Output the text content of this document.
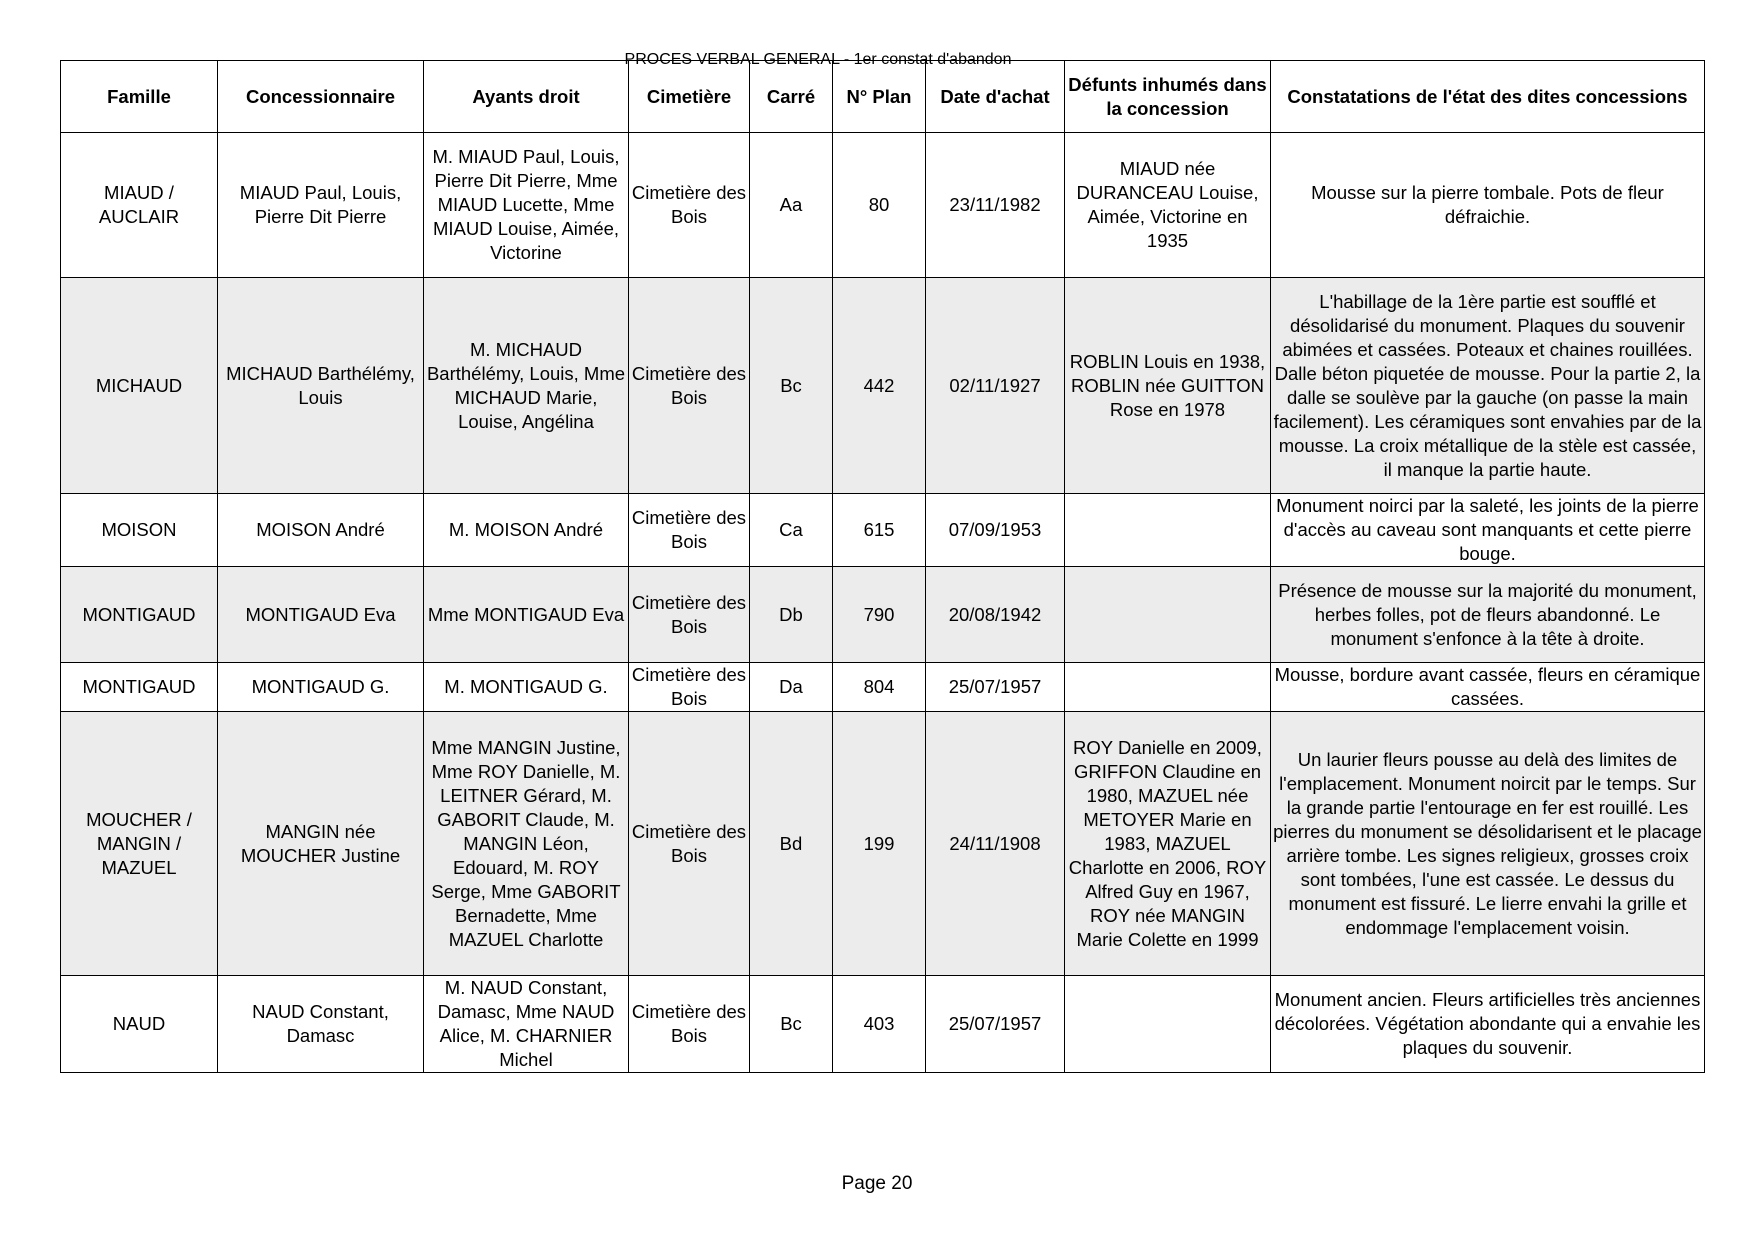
PROCES VERBAL GENERAL - 1er constat d'abandon
Famille	Concessionnaire	Ayants droit	Cimetière	Carré	N° Plan	Date d'achat	Défunts inhumés dans la concession	Constatations de l'état des dites concessions
MIAUD / AUCLAIR	MIAUD Paul, Louis, Pierre Dit Pierre	M. MIAUD Paul, Louis, Pierre Dit Pierre, Mme MIAUD Lucette, Mme MIAUD Louise, Aimée, Victorine	Cimetière des Bois	Aa	80	23/11/1982	MIAUD née DURANCEAU Louise, Aimée, Victorine en 1935	Mousse sur la pierre tombale. Pots de fleur défraichie.
MICHAUD	MICHAUD Barthélémy, Louis	M. MICHAUD Barthélémy, Louis, Mme MICHAUD Marie, Louise, Angélina	Cimetière des Bois	Bc	442	02/11/1927	ROBLIN Louis en 1938, ROBLIN née GUITTON Rose en 1978	L'habillage de la 1ère partie est soufflé et désolidarisé du monument. Plaques du souvenir abimées et cassées. Poteaux et chaines rouillées. Dalle béton piquetée de mousse. Pour la partie 2, la dalle se soulève par la gauche (on passe la main facilement). Les céramiques sont envahies par de la mousse. La croix métallique de la stèle est cassée, il manque la partie haute.
MOISON	MOISON André	M. MOISON André	Cimetière des Bois	Ca	615	07/09/1953		Monument noirci par la saleté, les joints de la pierre d'accès au caveau sont manquants et cette pierre bouge.
MONTIGAUD	MONTIGAUD Eva	Mme MONTIGAUD Eva	Cimetière des Bois	Db	790	20/08/1942		Présence de mousse sur la majorité du monument, herbes folles, pot de fleurs abandonné. Le monument s'enfonce à la tête à droite.
MONTIGAUD	MONTIGAUD G.	M. MONTIGAUD G.	Cimetière des Bois	Da	804	25/07/1957		Mousse, bordure avant cassée, fleurs en céramique cassées.
MOUCHER / MANGIN / MAZUEL	MANGIN née MOUCHER Justine	Mme MANGIN Justine, Mme ROY Danielle, M. LEITNER Gérard, M. GABORIT Claude, M. MANGIN Léon, Edouard, M. ROY Serge, Mme GABORIT Bernadette, Mme MAZUEL Charlotte	Cimetière des Bois	Bd	199	24/11/1908	ROY Danielle en 2009, GRIFFON Claudine en 1980, MAZUEL née METOYER Marie en 1983, MAZUEL Charlotte en 2006, ROY Alfred Guy en 1967, ROY née MANGIN Marie Colette en 1999	Un laurier fleurs pousse au delà des limites de l'emplacement. Monument noircit par le temps. Sur la grande partie l'entourage en fer est rouillé. Les pierres du monument se désolidarisent et le placage arrière tombe. Les signes religieux, grosses croix sont tombées, l'une est cassée. Le dessus du monument est fissuré. Le lierre envahi la grille et endommage l'emplacement voisin.
NAUD	NAUD Constant, Damasc	M. NAUD Constant, Damasc, Mme NAUD Alice, M. CHARNIER Michel	Cimetière des Bois	Bc	403	25/07/1957		Monument ancien. Fleurs artificielles très anciennes décolorées. Végétation abondante qui a envahie les plaques du souvenir.
Page 20
